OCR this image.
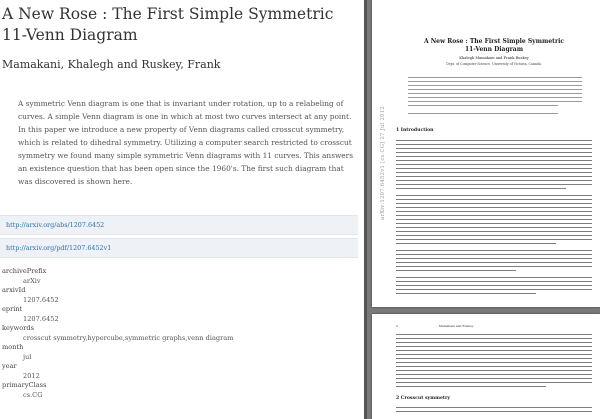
A New Rose : The First Simple Symmetric 11-Venn Diagram
Mamakani, Khalegh and Ruskey, Frank

A symmetric Venn diagram is one that is invariant under rotation, up to a relabeling of curves. A simple Venn diagram is one in which at most two curves intersect at any point. In this paper we introduce a new property of Venn diagrams called crosscut symmetry, which is related to dihedral symmetry. Utilizing a computer search restricted to crosscut symmetry we found many simple symmetric Venn diagrams with 11 curves. This answers an existence question that has been open since the 1960's. The first such diagram that was discovered is shown here.

http://arxiv.org/abs/1207.6452
http://arxiv.org/pdf/1207.6452v1
archivePrefix
arXiv
arxivId
1207.6452
eprint
1207.6452
keywords
crosscut symmetry,hypercube,symmetric graphs,venn diagram
month
jul
year
2012
primaryClass
cs.CG
arXiv:1207.6452v1 [cs.CG] 27 Jul 2012
A New Rose : The First Simple Symmetric
11-Venn Diagram
Khalegh Mamakani and Frank Ruskey
Dept. of Computer Science, University of Victoria, Canada.
1 Introduction
2	Mamakani and Ruskey
2 Crosscut symmetry
